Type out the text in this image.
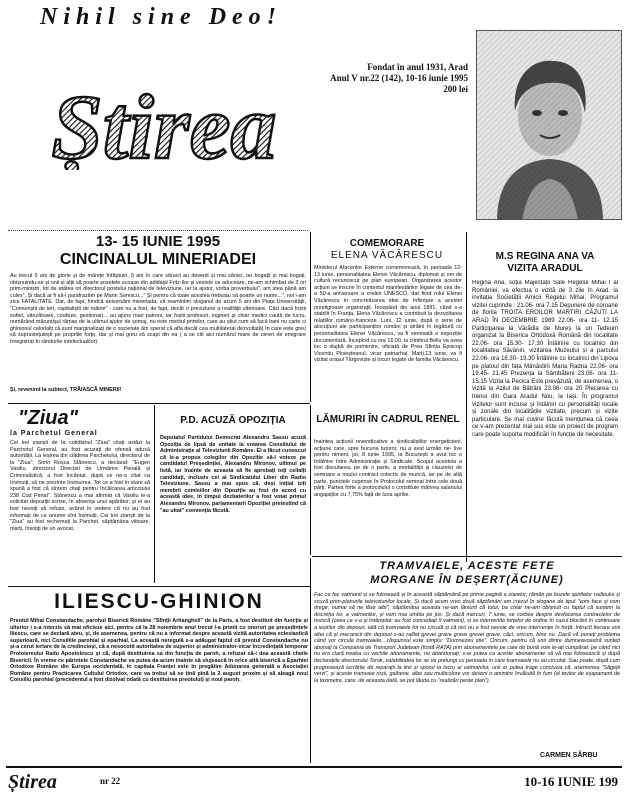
Nihil sine Deo!
Știrea
Fondat în anul 1931, Arad
Anul V nr.22 (142), 10-16 iunie 1995
200 lei
13- 15 IUNIE 1995
CINCINALUL MINERIADEI
Au trecut 5 ani de glorie și de mărețe înfăptuiri, 5 ani în care săracii au devenit și mai săraci, iar bogații și mai bogați, obișnuindu-se și unii și alții să poarte șosetele scoase din adidașii Fritz-ilor și vestele ce aduceare, ne-am schimbat de 3 ori prim-miniștri, tot de atâtea ori directorul postului național de televiziune, iar la ajutor, vorba proverbului", am stea până am cules". Și dacă ar fi să-l parafrazăm pe Marin Sorescu..." Și pentru că toate acestea trebuiau să poarte un nume...", noi i-am zice FATALITATE. Dar, de fapt, fiindcă aniversăm mineriada, vă reamintim sloganul de acum 5 ani din Piața Universității, "Comuniștii de ieri, capitaliștii de mâine" - care nu a fost, de fapt, decât o previziune a realității ulterioare. Căci dacă foștii soferi, vânzătoare, coafeze, gestionari... au ajuns mari patroni, iar foștii profesori, ingineri și chiar medici caută de lucru, numărând mărunțișul rămas de la ultimul ajutor de șomaj, nu este meritul primilor, care au știut cum să facă bani nu carte ci ghinionul celorlalți că sunt marginalizați de o societate ăm sperat că afla decât cea multilateral dezvoltată) în care este greu să supraviețuiești pe propriile forțe, dar și mai greu să scapi din ea ( a se citi aici numărul mare de cereri de emigrare înregistrat în rândurile intelectualilor).
Și, revenind la subiect, TRĂIASCĂ MINERII!
COMEMORARE
ELENA VĂCĂRESCU
Ministerul Afacerilor Externe comemorează, în perioada 12-13 iunie, personalitatea Elenei Văcărescu, diplomat și om de cultură recunoscut pe plan european. Organizarea acestor acțiuni se înscrie în contextul manifestărilor legate de cea de-a 50-a aniversare a creării UNESCO, dat fiind rolul Elenei Văcărescu în concretizarea ideii de înființare a acestei prestigioase organizații. Începând din anul 1891, când s-a stabilit în Franța, Elena Văcărescu a contribuit la dezvoltarea relațiilor româno-franceze. Luni, 12 iunie, după o serie de alocuțiuni ale participanților români și străini în legătură cu personalitatea Elenei Văcărescu, va fi vernisată o expoziție documentară. Începînd cu ora 16.00, la cimitirul Bellu va avea loc o slujbă de pomenire, oficiată de Prea Sfinția Episcop Vicentiu Ploieșteanul, vicar patriarhal. Marți,13 iunie, va fi vizitat orașul Târgoviște și locuri legate de familia Văcărescu.
M.S REGINA ANA VA
VIZITA ARADUL
Regina Ana, soția Majestății Sale Regelui Mihai I al României, va efectua o vizită de 3 zile în Arad, la invitația Societății Amicii Regelui Mihai. Programul vizitei cuprinde : 21.06- ora 7.15 Depunere de coroane de florila TROITA EROILOR MARTIRI CĂZUTI LA ARAD ÎN DECEMBRIE 1989 22.06- ora 11- 12.15 Participarea la Vărădia de Mureș la un Tedeum organizat la Biserica Ortodoxă Română din localitate 22.06- ora 15.30- 17.30 Întâlnire cu localnici din localitatea Săvânin, vizitarea Muzeului și a parcului 22.06- ora 18.30- 19.30 Întâlnire cu localnici din Lipova pe platoul din fața Mânăstirii Maria Radna 22.06- ora 19.45- 21.45 Prezența la Sâmbăteni 23.06- ora 11- 15.15 Vizita la Pecica Este prevăzută, de asemenea, o vizită la Azilul de Bătrâni 23.06- ora 20 Plecarea cu trenul din Gara Aradul Nou, la Iași. În programul vizitelor sunt incluse și întâlniri cu personalități locale și zonale din localitățile vizitate, precum și vizite particulare. Se mai cuvine făcută mențiunea că ceea ce v-am prezentat mai sus este un proiect de program care poate suporta modificări în funcție de necesitate.
"Ziua"
la Parchetul General
Cei trei ziariști de la cotidianul "Ziua" citați astăzi la Parchetul General, au fost acuzați de ofensă adusă autorității. La ieșirea din clădirea Parchetului, directorul de la "Ziua", Sorin Roșca Stănescu, a declarat: "Eugen Vasiliu, directorul Direcției de Urmărire Penală și Criminalistică, a fost încântat, după ce ne-a citat ca învinuiți, să ne prezinte învinuirea. Tot ce a fost în stare să spună a fost că sîntem citați pentru încălcarea articolului 238 Cod Penal". Stănescu a mai afirmat că Vasiliu le-a solicitat depoziții scrise, în absența unui apărător, și ei au fost nevoiți să refuze, având în vedere că nu au fost informați de ce anume sînt învinuiți. Cei trei ziariști de la "Ziua" au fost rechemați la Parchet, săptămâna viitoare, marți, însoțiți de un avocat.
P.D. ACUZĂ OPOZIȚIA
Deputatul Partidului Democrat Alexandru Sassu acuză Opoziția de lipsă de unitate la votarea Consiliului de Administrație al Televiziunii Române. El a făcut cunoscut că le-a propus colegilor din Opoziție să-l voteze pe candidatul Președinției, Alexandru Mironov, ultimul pe listă, iar înainte de aceasta să fie aprobați toți ceilalți candidați, inclusiv cei ai Sindicatului Liber din Radio Televiziune. Sassu a mai spus că, deși inițial toți membrii comisiilor din Opoziție au fost de acord cu această idee, în timpul dezbaterilor a fost votat primul Alexandru Mironov, parlamentarii Opoziției pretextînd că "au uitat" convenția făcută.
LĂMURIRI ÎN CADRUL RENEL
Înaintea acțiunii revendicative a sindicaliștilor energeticieni, acțiune care, spre bucuria tuturor, nu a avut urmări ne- live pentru nimeni, joi, 8 iunie 1995, la București a avut loc o întâlnire între Administrație și Sindicate. Scopul acesteia a fost discutarea, pe de o parte, a modalității și clauzelor de semnare a noului contract colectiv de muncă, iar pe de altă parte, punctele cuprinse în Protocolul semnat între cele două părți. Partea forte a protocolului o constituie mărirea salariului angajaților cu 7,75% față de luna aprilie.
TRAMVAIELE, ACESTE FETE
MORGANE ÎN DEȘERT(ĂCIUNE)
Fac ce fac vatmanii și se folosează și în această săptămână pe prima pagină a ziarelor, rămân pe buzele spiritelor radioului și scuză prim-planurile televiziunilor locale. Și dacă acum vreo două săptămâni am crezut în slogane de tipul "vom face și vom drege, numai să ne lăse aibi", săptămâna aceasta ne-am lămurit că totul, ba chiar ne-am obișnuit cu faptul că suntem la discreția lor, a vatmanilor, și vom mai umbla pe jos. Și dacă mercuri, 7 iunie, se vorbea despre desfacerea contractelor de muncă (ceea ce s-a și întâmplat: au fost concediați 9 vatmani), și se interventia forțelor de ordine în cazul blocării în continuare a ieșirilor din depouri, iată că tramvaiele tot nu circulă și că nici nu e fost nevoie de vreo intervenție în forță. Intrucît fiecare unii altei că și mecanicii din depouri s-au ralliat grevei grave grave grevei grave, căci, oricum, bine nu. Dacă vă puneți problema când vor circula tramvaiele,...răspunsul este simplu: "Dumnezeu știe". Oricum, pentru că unii dintre dumneavoastră sunteți abonați la Compania de Transport Județean (fostă RATA) prin abonamentele pe care de bună voie le-ați cumpărat, pe când nici nu era clară treaba cu vechile abonamente, nu abandonați; s-ar putea ca aceste abonamente să vă mai folosească și după declarațiile directorului Torok, valabilitatea lor se va prelungi cu perioada în care tramvaiele nu au circulat. Sau poate, după cum progresează lucrările de reparații la linii și sporul la lucru al vatmanilor, unii ar putea trage concluzia că, asemenea "Săgeții verzi", și aceste tramvaie roșii, galbene, albe sau multicolore vor deveni o amintire învăluită în fum (al teviior de eșapament de la taximetre, care, de aceasta dată, se pot lăuda cu "realizări peste plan").
CARMEN SÂRBU
ILIESCU-GHINION
Preotul Mihai Constandache, parohul Bisericii Române "Sfinții Arhangheli" de la Paris, a fost destituit din funcție și ulterior i s-a interzis să mai oficieze aici, pentru că la 28 noiembrie anul trecut l-a primit cu onoruri pe președintele Iliescu, care se declară ateu, și, de asemenea, pentru că nu a informat despre această vizită autoritatea eclesiastică superioară, nici Consiliile parohial și eparhial. La această neregulă s-a adăugat faptul că preotul Constandache nu și-a cerut iertare de la credincioși, că a nesocotit autoritatea de superior și administrator-vicar încredințată temporar Protoiereului Radu Apostolescu și că, după destituirea sa din funcția de paroh, a refuzat să-i dea această cheile Bisericii. În vreme ce părintele Constandache va putea da acum înainte să slujească în orice altă biserică a Eparhiei Ortodoxe Române din Europa occidentală, în capitala Franței este în pregătire Adunarea generală a Asociației Române pentru Practicarea Cultului Ortodox, care va trebui să se țină pînă la 2 august proxim și să aleagă noul Consiliu parohial (precedentul a fost dizolvat odată cu destituirea preotului) și noul paroh.
Știrea	nr 22	10-16 IUNIE 199
